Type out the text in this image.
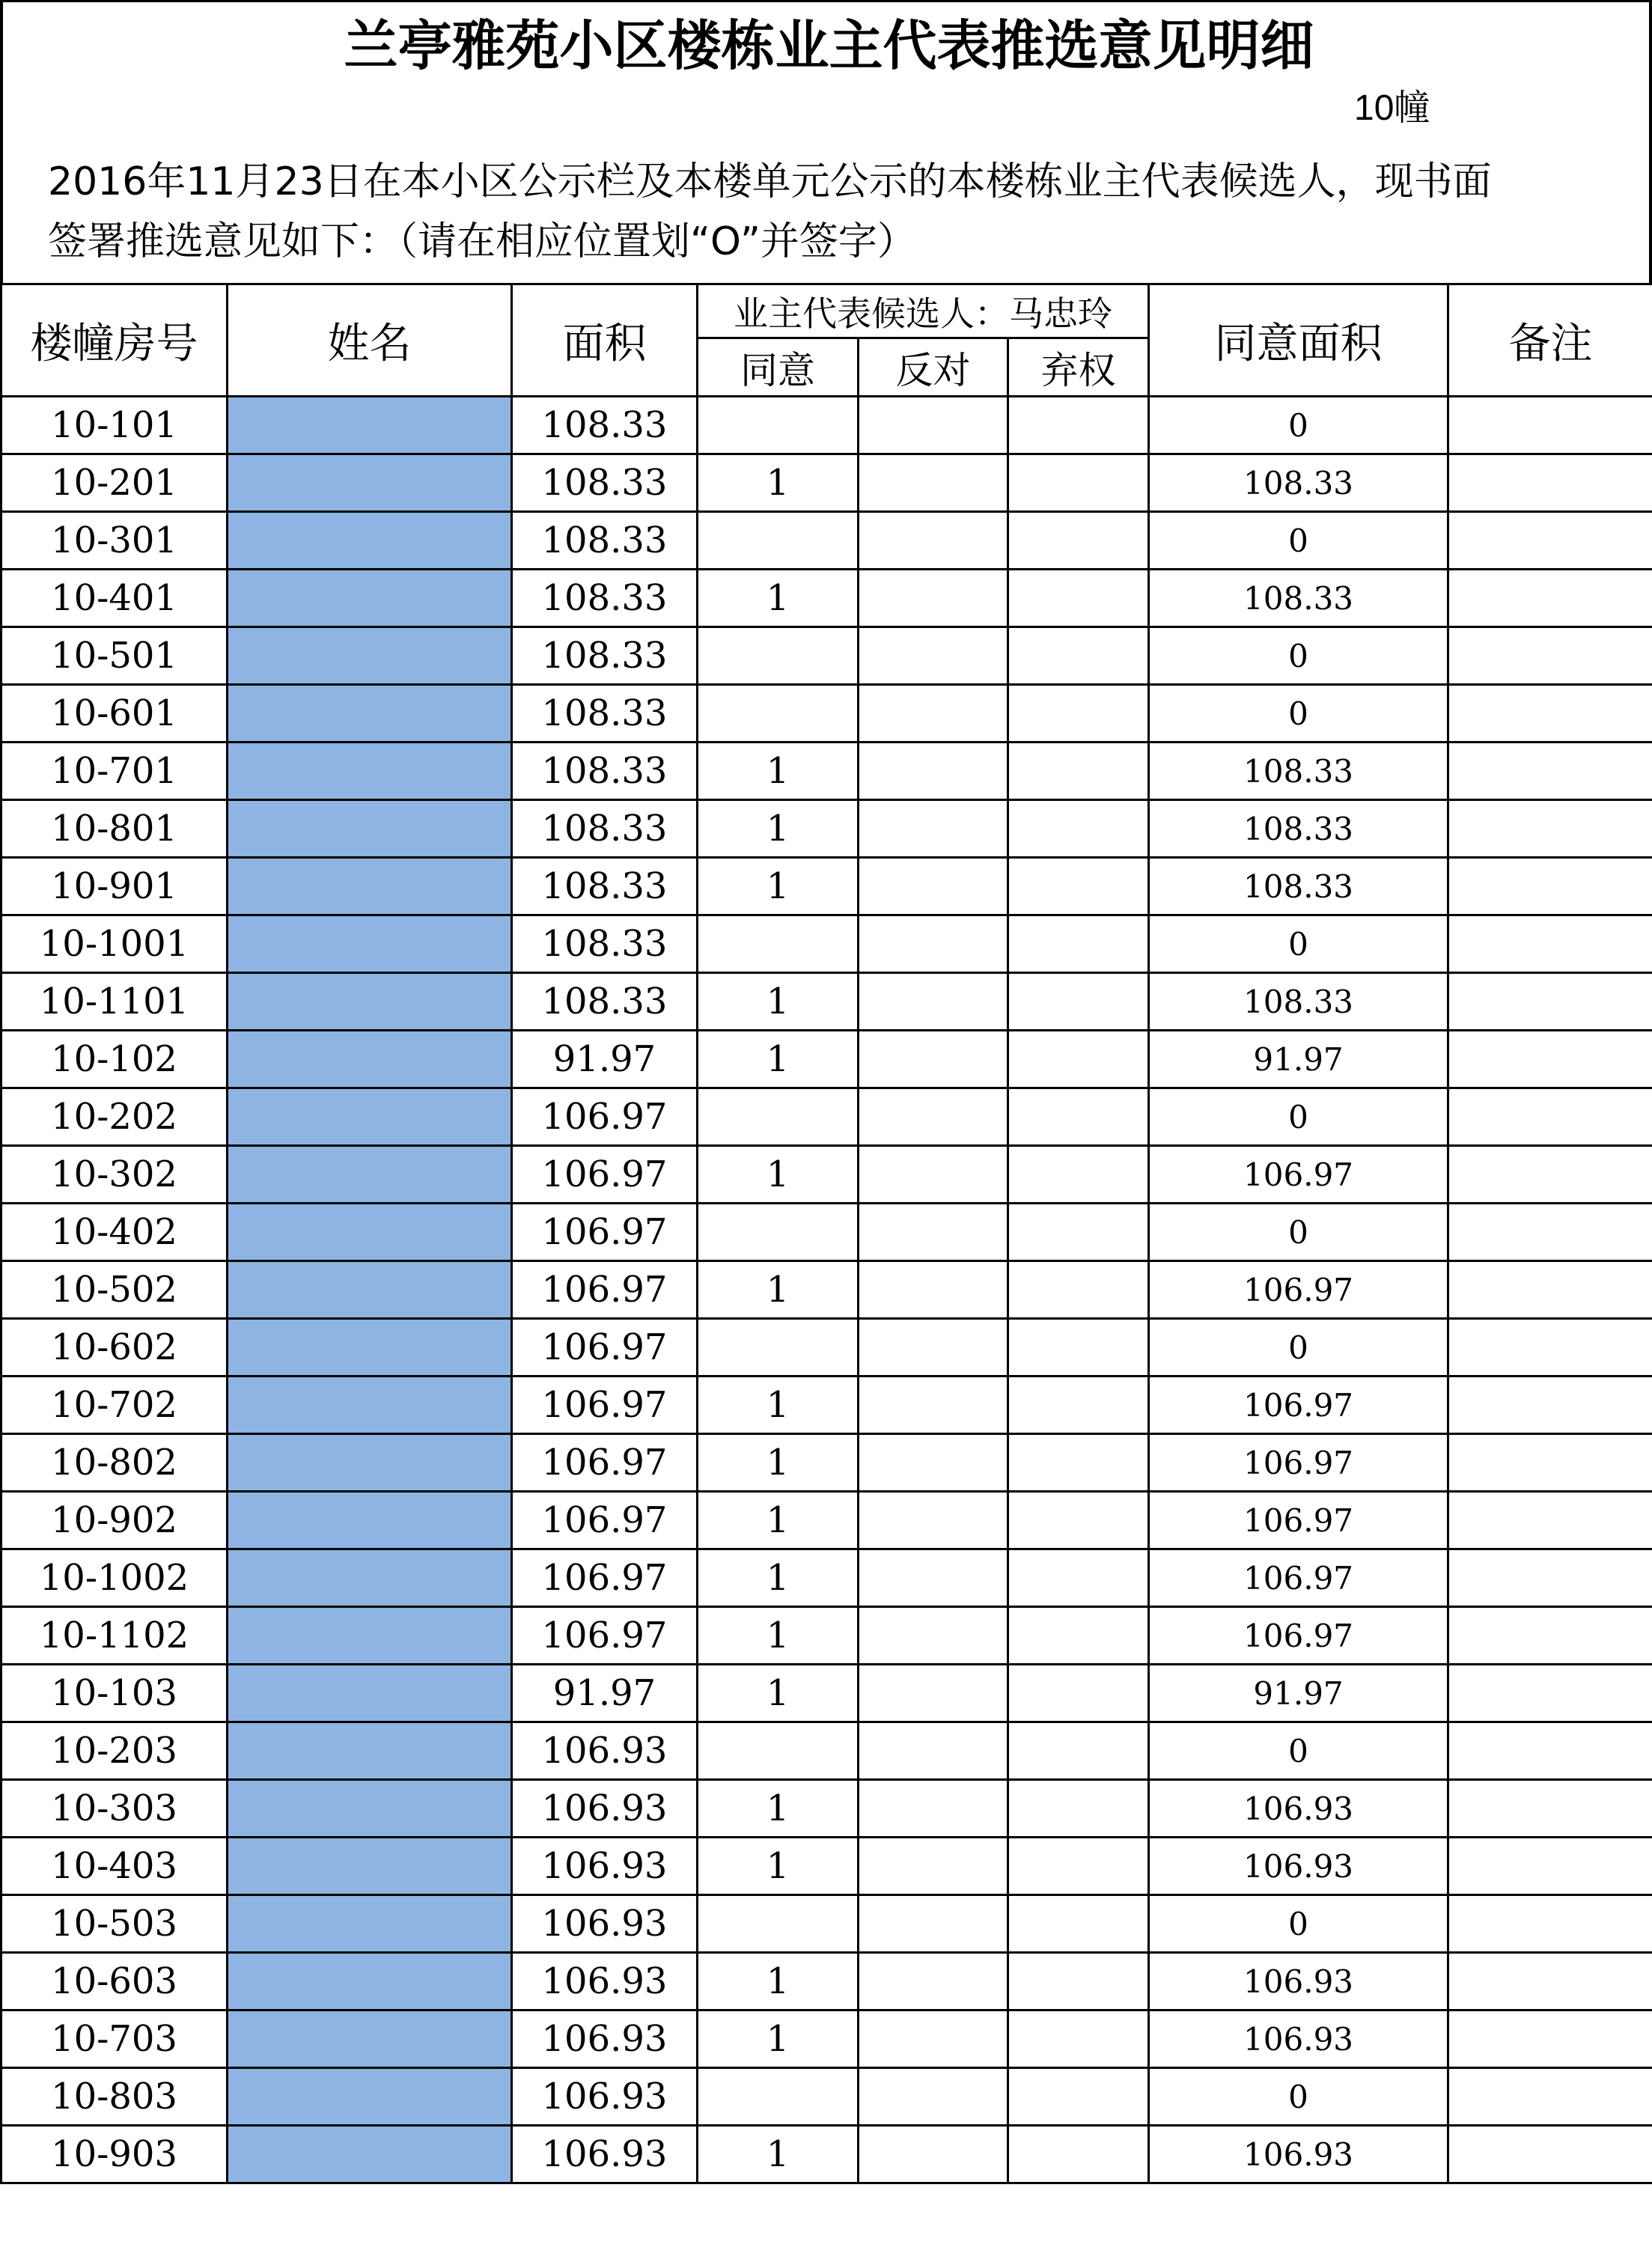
兰亭雅苑小区楼栋业主代表推选意见明细
10幢
2016年11月23日在本小区公示栏及本楼单元公示的本楼栋业主代表候选人，现书面
签署推选意见如下：（请在相应位置划“O”并签字）
楼幢房号	姓名	面积	业主代表候选人：马忠玲			同意面积	备注
			同意	反对	弃权		
10-101		108.33				0	
10-201		108.33	1			108.33	
10-301		108.33				0	
10-401		108.33	1			108.33	
10-501		108.33				0	
10-601		108.33				0	
10-701		108.33	1			108.33	
10-801		108.33	1			108.33	
10-901		108.33	1			108.33	
10-1001		108.33				0	
10-1101		108.33	1			108.33	
10-102		91.97	1			91.97	
10-202		106.97				0	
10-302		106.97	1			106.97	
10-402		106.97				0	
10-502		106.97	1			106.97	
10-602		106.97				0	
10-702		106.97	1			106.97	
10-802		106.97	1			106.97	
10-902		106.97	1			106.97	
10-1002		106.97	1			106.97	
10-1102		106.97	1			106.97	
10-103		91.97	1			91.97	
10-203		106.93				0	
10-303		106.93	1			106.93	
10-403		106.93	1			106.93	
10-503		106.93				0	
10-603		106.93	1			106.93	
10-703		106.93	1			106.93	
10-803		106.93				0	
10-903		106.93	1			106.93	
